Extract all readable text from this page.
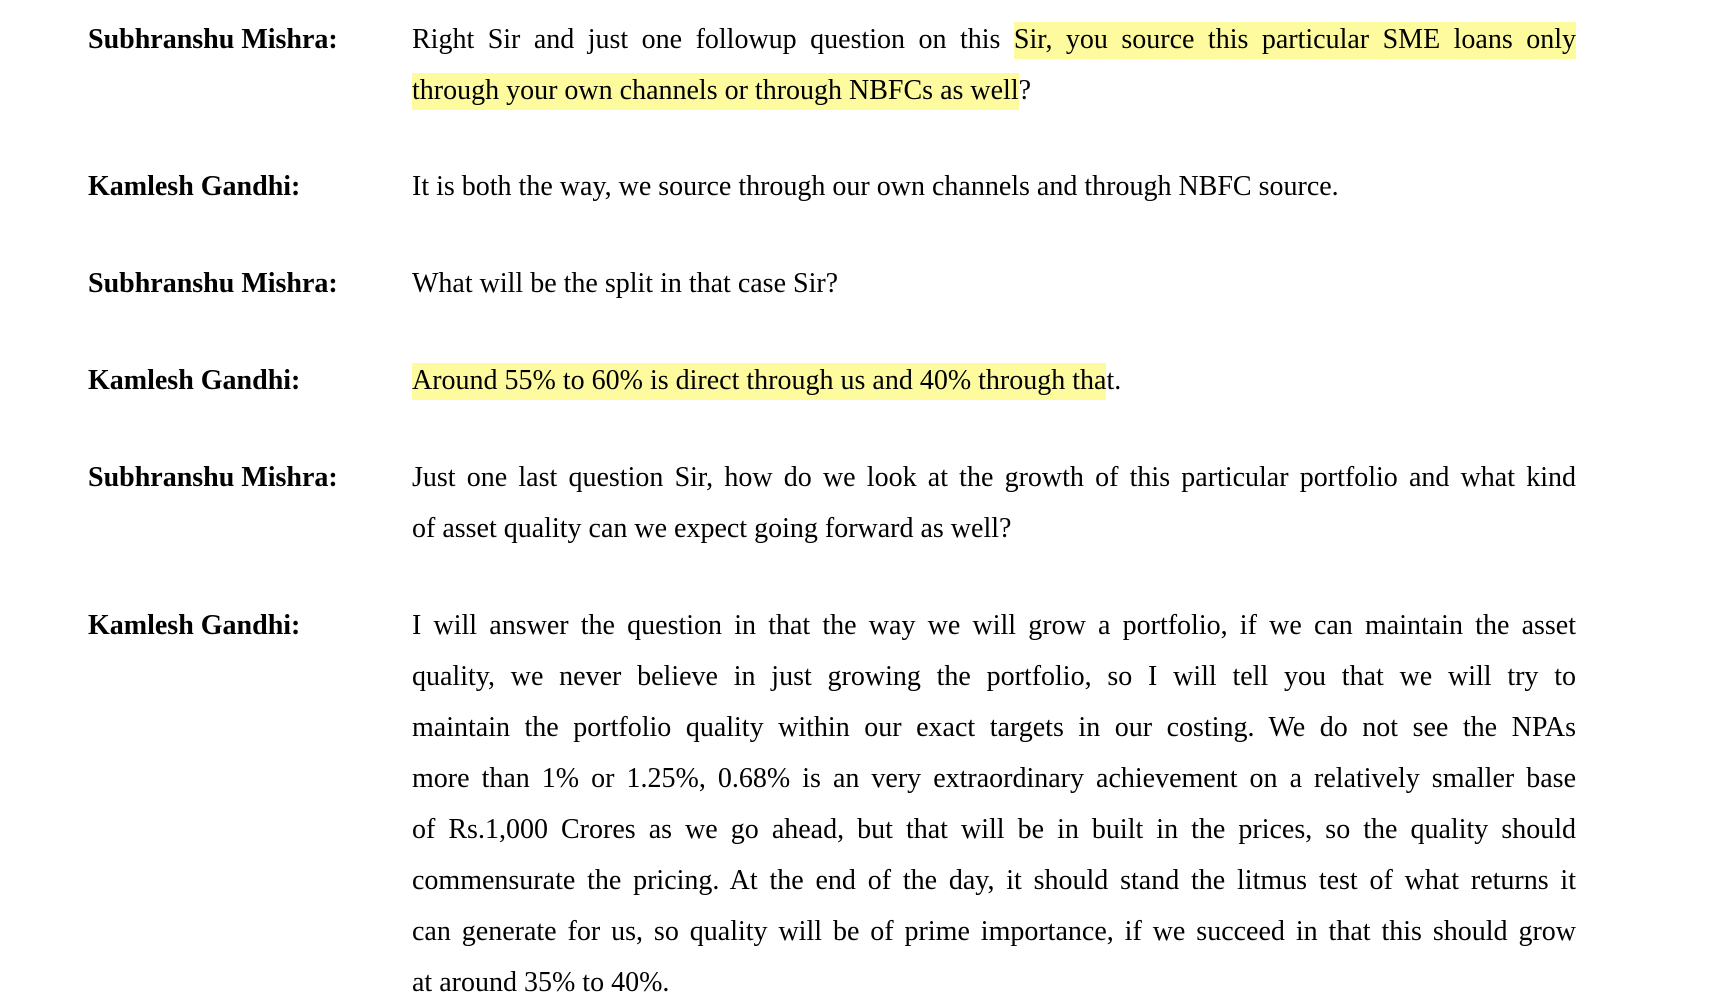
Subhranshu Mishra:	Right Sir and just one followup question on this Sir, you source this particular SME loans only
through your own channels or through NBFCs as well?
Kamlesh Gandhi:	It is both the way, we source through our own channels and through NBFC source.
Subhranshu Mishra:	What will be the split in that case Sir?
Kamlesh Gandhi:	Around 55% to 60% is direct through us and 40% through that.
Subhranshu Mishra:	Just one last question Sir, how do we look at the growth of this particular portfolio and what kind
of asset quality can we expect going forward as well?
Kamlesh Gandhi:	I will answer the question in that the way we will grow a portfolio, if we can maintain the asset
quality, we never believe in just growing the portfolio, so I will tell you that we will try to
maintain the portfolio quality within our exact targets in our costing. We do not see the NPAs
more than 1% or 1.25%, 0.68% is an very extraordinary achievement on a relatively smaller base
of Rs.1,000 Crores as we go ahead, but that will be in built in the prices, so the quality should
commensurate the pricing. At the end of the day, it should stand the litmus test of what returns it
can generate for us, so quality will be of prime importance, if we succeed in that this should grow
at around 35% to 40%.
